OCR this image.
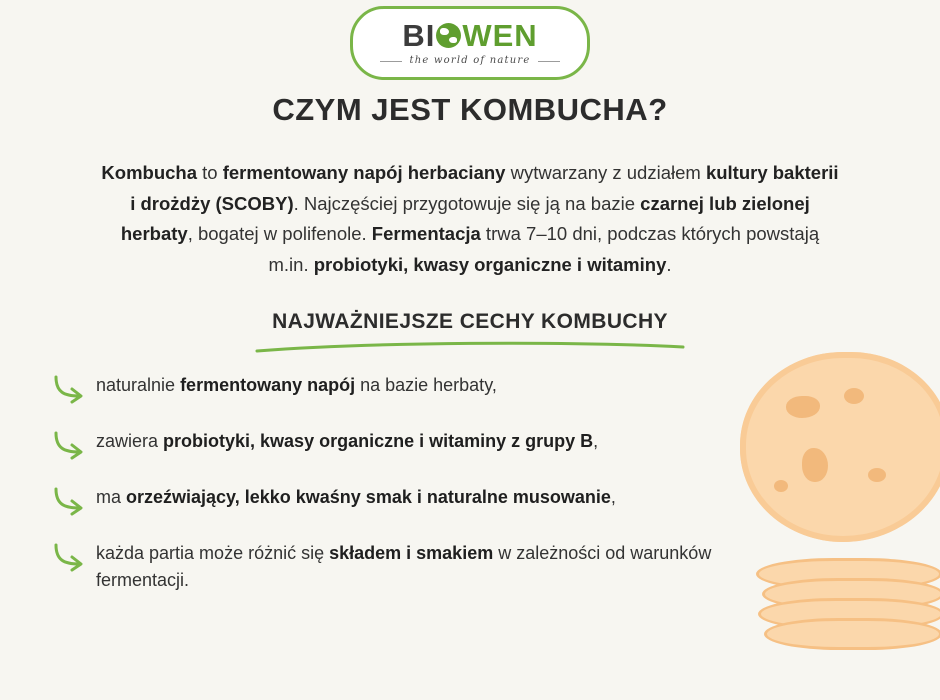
BI WEN
the world of nature
CZYM JEST KOMBUCHA?

Kombucha to fermentowany napój herbaciany wytwarzany z udziałem kultury bakterii i drożdży (SCOBY). Najczęściej przygotowuje się ją na bazie czarnej lub zielonej herbaty, bogatej w polifenole. Fermentacja trwa 7–10 dni, podczas których powstają m.in. probiotyki, kwasy organiczne i witaminy.

NAJWAŻNIEJSZE CECHY KOMBUCHY
naturalnie fermentowany napój na bazie herbaty,
zawiera probiotyki, kwasy organiczne i witaminy z grupy B,
ma orzeźwiający, lekko kwaśny smak i naturalne musowanie,
każda partia może różnić się składem i smakiem w zależności od warunków fermentacji.
